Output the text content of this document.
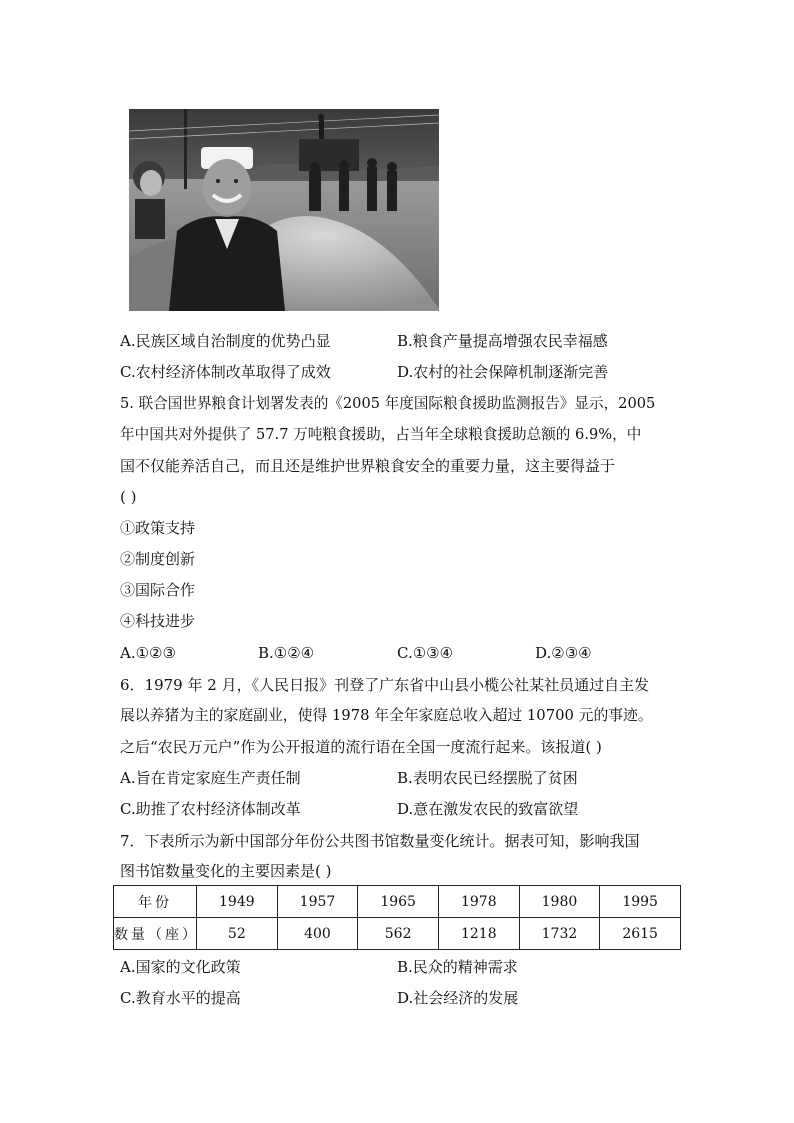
A.民族区域自治制度的优势凸显	B.粮食产量提高增强农民幸福感
C.农村经济体制改革取得了成效	D.农村的社会保障机制逐渐完善
5. 联合国世界粮食计划署发表的《2005 年度国际粮食援助监测报告》显示，2005
年中国共对外提供了 57.7 万吨粮食援助，占当年全球粮食援助总额的 6.9%，中
国不仅能养活自己，而且还是维护世界粮食安全的重要力量，这主要得益于
( )
①政策支持
②制度创新
③国际合作
④科技进步
A.①②③	B.①②④	C.①③④	D.②③④
6．1979 年 2 月，《人民日报》刊登了广东省中山县小榄公社某社员通过自主发
展以养猪为主的家庭副业，使得 1978 年全年家庭总收入超过 10700 元的事迹。
之后“农民万元户”作为公开报道的流行语在全国一度流行起来。该报道( )
A.旨在肯定家庭生产责任制	B.表明农民已经摆脱了贫困
C.助推了农村经济体制改革	D.意在激发农民的致富欲望
7．下表所示为新中国部分年份公共图书馆数量变化统计。据表可知，影响我国
图书馆数量变化的主要因素是( )
年份	1949	1957	1965	1978	1980	1995
数量（座）	52	400	562	1218	1732	2615
A.国家的文化政策	B.民众的精神需求
C.教育水平的提高	D.社会经济的发展
